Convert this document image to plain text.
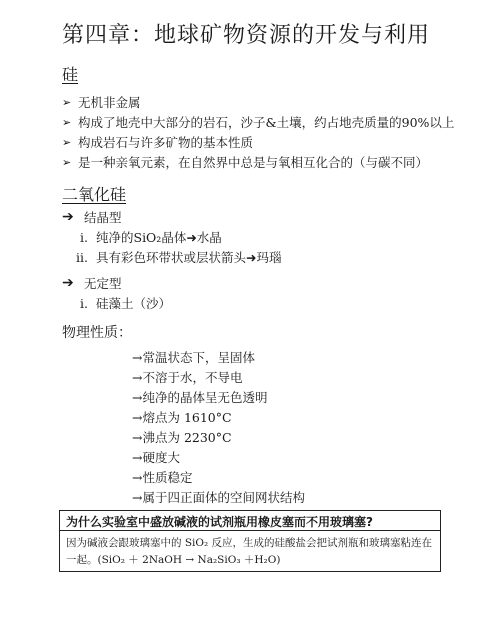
第四章：地球矿物资源的开发与利用
硅
➢ 无机非金属
➢ 构成了地壳中大部分的岩石，沙子&土壤，约占地壳质量的90%以上
➢ 构成岩石与许多矿物的基本性质
➢ 是一种亲氧元素，在自然界中总是与氧相互化合的（与碳不同）
二氧化硅
➔ 结晶型
i. 纯净的SiO₂晶体➜水晶
ii. 具有彩色环带状或层状箭头➜玛瑙
➔ 无定型
i. 硅藻土（沙）
物理性质：
→常温状态下，呈固体
→不溶于水，不导电
→纯净的晶体呈无色透明
→熔点为 1610°C
→沸点为 2230°C
→硬度大
→性质稳定
→属于四正面体的空间网状结构
为什么实验室中盛放碱液的试剂瓶用橡皮塞而不用玻璃塞?
因为碱液会跟玻璃塞中的 SiO₂ 反应，生成的硅酸盐会把试剂瓶和玻璃塞粘连在一起。(SiO₂ ＋ 2NaOH → Na₂SiO₃ ＋H₂O)
